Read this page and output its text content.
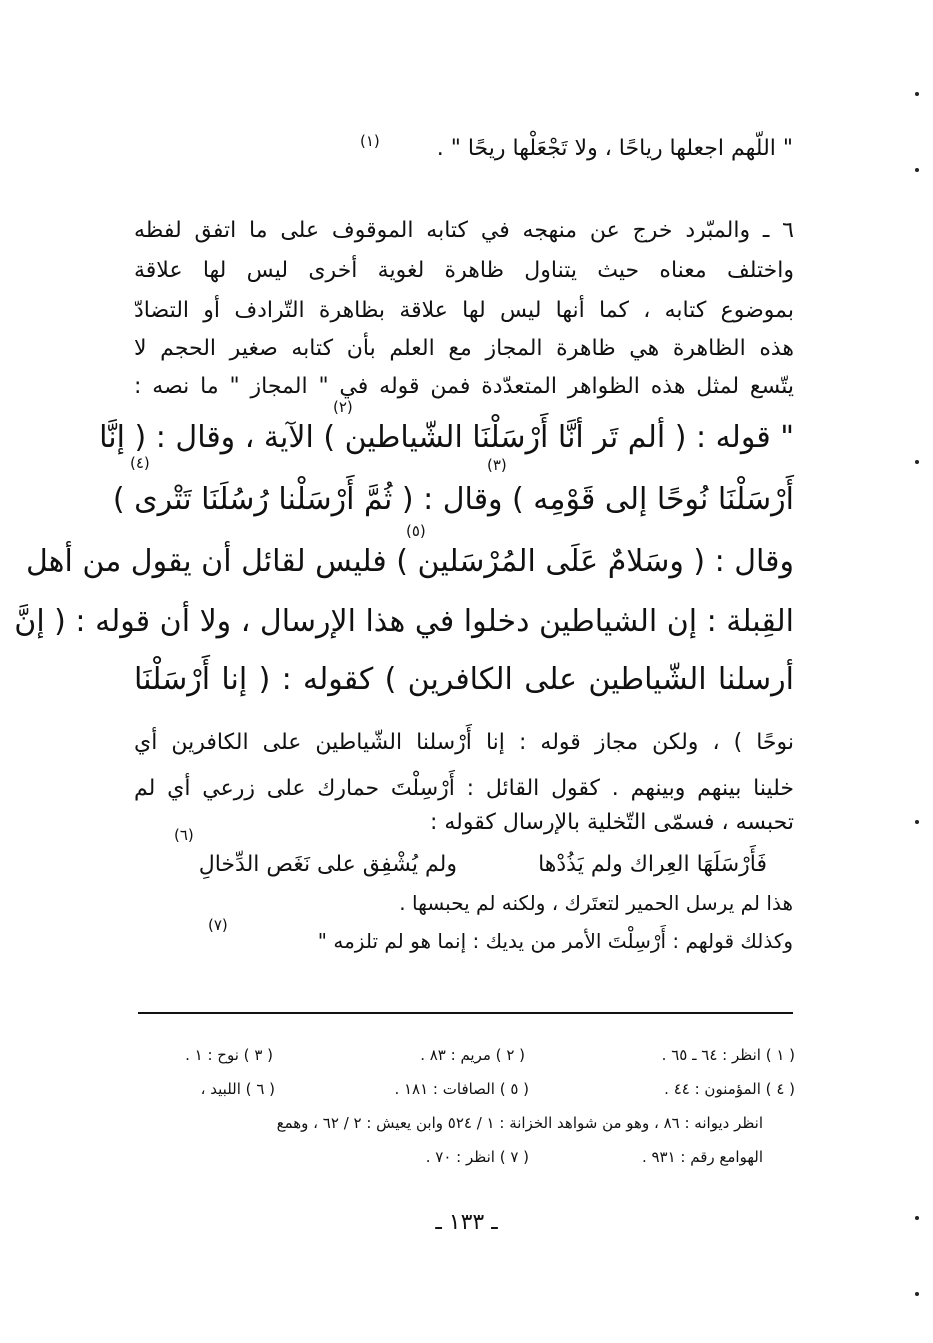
" اللّهم اجعلها رياحًا ، ولا تَجْعَلْها ريحًا " .
(١)
٦ ـ والمبّرد خرج عن منهجه في كتابه الموقوف على ما اتفق لفظه
واختلف معناه حيث يتناول ظاهرة لغوية أخرى ليس لها علاقة
بموضوع كتابه ، كما أنها ليس لها علاقة بظاهرة التّرادف أو التضادّ
هذه الظاهرة هي ظاهرة المجاز مع العلم بأن كتابه صغير الحجم لا
يتّسع لمثل هذه الظواهر المتعدّدة فمن قوله في " المجاز " ما نصه :
" قوله : ( ألم تَر أنَّا أَرْسَلْنَا الشّياطين ) الآية ، وقال : ( إنَّا
أَرْسَلْنَا نُوحًا إلى قَوْمِه ) وقال : ( ثُمَّ أَرْسَلْنا رُسُلَنَا تَتْرى )
وقال : ( وسَلامٌ عَلَى المُرْسَلين ) فليس لقائل أن يقول من أهل
القِبلة : إن الشياطين دخلوا في هذا الإرسال ، ولا أن قوله : ( إنَّ
أرسلنا الشّياطين على الكافرين ) كقوله : ( إنا أَرْسَلْنَا
نوحًا ) ، ولكن مجاز قوله : إنا أَرْسلنا الشّياطين على الكافرين أي
خلينا بينهم وبينهم . كقول القائل : أَرْسِلْتَ حمارك على زرعي أي لم
تحبسه ، فسمّى التّخلية بالإرسال كقوله :
(٢)
(٤)	(٣)
(٥)
(٦)
فَأَرْسَلَهَا العِراك ولم يَذُدْها
ولم يُشْفِق على نَغَص الدِّخالِ
هذا لم يرسل الحمير لتعتَرك ، ولكنه لم يحبسها .
وكذلك قولهم : أَرْسِلْتَ الأمر من يديك : إنما هو لم تلزمه "
(٧)
( ١ ) انظر : ٦٤ ـ ٦٥ .
( ٢ ) مريم : ٨٣ .
( ٣ ) نوح : ١ .
( ٤ ) المؤمنون : ٤٤ .
( ٥ ) الصافات : ١٨١ .
( ٦ ) اللبيد ،
انظر ديوانه : ٨٦ ، وهو من شواهد الخزانة : ١ / ٥٢٤ وابن يعيش : ٢ / ٦٢ ، وهمع
الهوامع رقم : ٩٣١ .
( ٧ ) انظر : ٧٠ .
ـ ١٣٣ ـ
